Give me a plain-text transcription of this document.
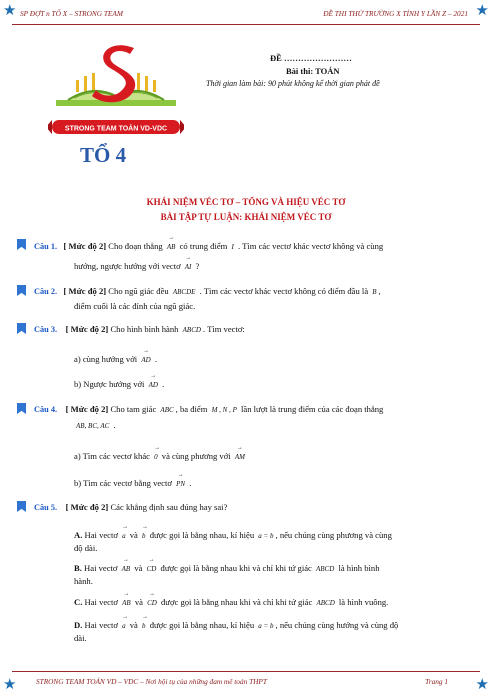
★ SP ĐỢT n TỔ X – STRONG TEAM	ĐỀ THI THỬ TRƯỜNG X TỈNH Y LẦN Z – 2021 ★
ĐỀ ……………………
Bài thi: TOÁN
Thời gian làm bài: 90 phút không kể thời gian phát đề
STRONG TEAM TOÁN VD-VDC
TỔ 4
KHÁI NIỆM VÉC TƠ – TỔNG VÀ HIỆU VÉC TƠ
BÀI TẬP TỰ LUẬN: KHÁI NIỆM VÉC TƠ
Câu 1. [ Mức độ 2] Cho đoạn thẳng → AB có trung điểm I . Tìm các vectơ khác vectơ không và cùng
hướng, ngược hướng với vectơ → AI ?
Câu 2. [ Mức độ 2] Cho ngũ giác đều ABCDE . Tìm các vectơ khác vectơ không có điểm đầu là B ,
điểm cuối là các đỉnh của ngũ giác.
Câu 3. [ Mức độ 2] Cho hình bình hành ABCD . Tìm vectơ:
a) cùng hướng với → AD .
b) Ngược hướng với → AD .
Câu 4. [ Mức độ 2] Cho tam giác ABC , ba điểm M , N , P lần lượt là trung điểm của các đoạn thẳng
AB, BC, AC .
a) Tìm các vectơ khác → 0 và cùng phương với → AM
b) Tìm các vectơ bằng vectơ → PN .
Câu 5. [ Mức độ 2] Các khẳng định sau đúng hay sai?
A. Hai vectơ → a và → b được gọi là bằng nhau, kí hiệu a = b , nếu chúng cùng phương và cùng
độ dài.
B. Hai vectơ → AB và → CD được gọi là bằng nhau khi và chỉ khi tứ giác ABCD là hình bình
hành.
C. Hai vectơ → AB và → CD được gọi là bằng nhau khi và chỉ khi tứ giác ABCD là hình vuông.
D. Hai vectơ → a và → b được gọi là bằng nhau, kí hiệu a = b , nếu chúng cùng hướng và cùng độ
dài.
STRONG TEAM TOÁN VD – VDC – Nơi hội tụ của những đam mê toán THPT	Trang 1
★	★
